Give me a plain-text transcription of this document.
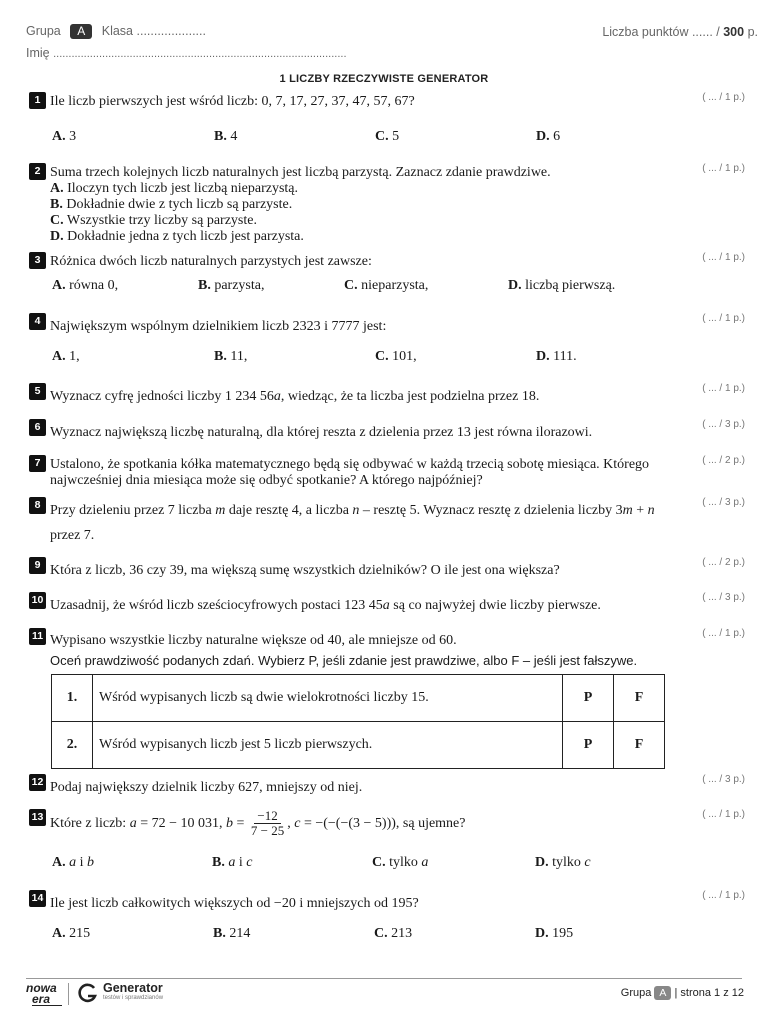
Grupa A Klasa ....................	Liczba punktów ...... / 300 p.
Imię ................................................................................................
1 LICZBY RZECZYWISTE GENERATOR
1 Ile liczb pierwszych jest wśród liczb: 0, 7, 17, 27, 37, 47, 57, 67?	( ... / 1 p.)
A. 3	B. 4	C. 5	D. 6
2 Suma trzech kolejnych liczb naturalnych jest liczbą parzystą. Zaznacz zdanie prawdziwe.
A. Iloczyn tych liczb jest liczbą nieparzystą.
B. Dokładnie dwie z tych liczb są parzyste.
C. Wszystkie trzy liczby są parzyste.
D. Dokładnie jedna z tych liczb jest parzysta.
( ... / 1 p.)
3 Różnica dwóch liczb naturalnych parzystych jest zawsze:	( ... / 1 p.)
A. równa 0,	B. parzysta,	C. nieparzysta,	D. liczbą pierwszą.
4 Największym wspólnym dzielnikiem liczb 2323 i 7777 jest:
( ... / 1 p.)
A. 1,	B. 11,	C. 101,	D. 111.
5 Wyznacz cyfrę jedności liczby 1 234 56a, wiedząc, że ta liczba jest podzielna przez 18.
( ... / 1 p.)
6 Wyznacz największą liczbę naturalną, dla której reszta z dzielenia przez 13 jest równa ilorazowi.
( ... / 3 p.)
7 Ustalono, że spotkania kółka matematycznego będą się odbywać w każdą trzecią sobotę miesiąca. Którego najwcześniej dnia miesiąca może się odbyć spotkanie? A którego najpóźniej?
( ... / 2 p.)
8 Przy dzieleniu przez 7 liczba m daje resztę 4, a liczba n – resztę 5. Wyznacz resztę z dzielenia liczby 3m + n
przez 7.
( ... / 3 p.)
9 Która z liczb, 36 czy 39, ma większą sumę wszystkich dzielników? O ile jest ona większa?
( ... / 2 p.)
10 Uzasadnij, że wśród liczb sześciocyfrowych postaci 123 45a są co najwyżej dwie liczby pierwsze.
( ... / 3 p.)
11 Wypisano wszystkie liczby naturalne większe od 40, ale mniejsze od 60.
Oceń prawdziwość podanych zdań. Wybierz P, jeśli zdanie jest prawdziwe, albo F – jeśli jest fałszywe.
( ... / 1 p.)
1.	Wśród wypisanych liczb są dwie wielokrotności liczby 15.	P	F
2.	Wśród wypisanych liczb jest 5 liczb pierwszych.	P	F
12 Podaj największy dzielnik liczby 627, mniejszy od niej.
( ... / 3 p.)
13 Które z liczb:
a = 72 − 10 031, $b = \frac{-12}{7 - 25}$ , c = −(−(−(3 − 5))), są ujemne?
( ... / 1 p.)
A. a i b	B. a i c	C. tylko a	D. tylko c
14 Ile jest liczb całkowitych większych od −20 i mniejszych od 195?
( ... / 1 p.)
A. 215	B. 214	C. 213	D. 195
nowa
era
Generator
testów i sprawdzianów	Grupa A | strona 1 z 12
